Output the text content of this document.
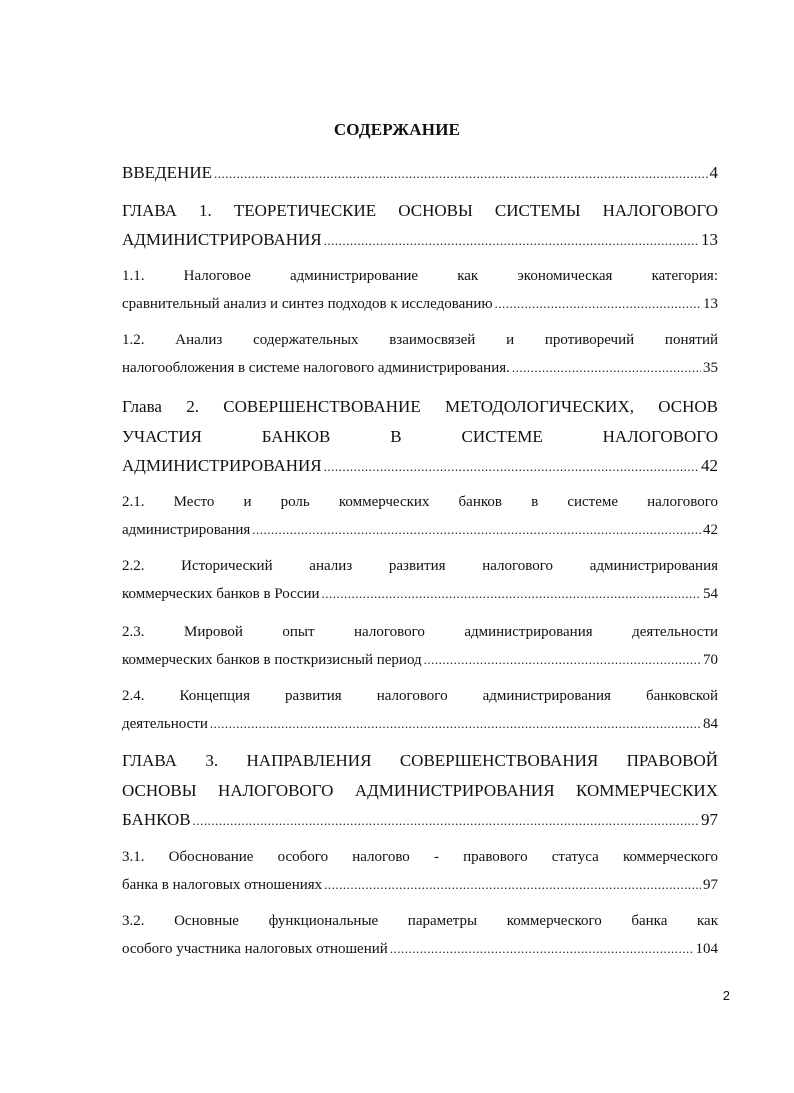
СОДЕРЖАНИЕ
ВВЕДЕНИЕ .....	4
ГЛАВА 1. ТЕОРЕТИЧЕСКИЕ ОСНОВЫ СИСТЕМЫ НАЛОГОВОГО
АДМИНИСТРИРОВАНИЯ .....	13
1.1. Налоговое администрирование как экономическая категория:
сравнительный анализ и синтез подходов к исследованию .....	13
1.2. Анализ содержательных взаимосвязей и противоречий понятий
налогообложения в системе налогового администрирования. .....	35
Глава 2. СОВЕРШЕНСТВОВАНИЕ МЕТОДОЛОГИЧЕСКИХ, ОСНОВ
УЧАСТИЯ БАНКОВ В СИСТЕМЕ НАЛОГОВОГО
АДМИНИСТРИРОВАНИЯ .....	42
2.1. Место и роль коммерческих банков в системе налогового
администрирования .....	42
2.2. Исторический анализ развития налогового администрирования
коммерческих банков в России .....	54
2.3. Мировой опыт налогового администрирования деятельности
коммерческих банков в посткризисный период .....	70
2.4. Концепция развития налогового администрирования банковской
деятельности .....	84
ГЛАВА 3. НАПРАВЛЕНИЯ СОВЕРШЕНСТВОВАНИЯ ПРАВОВОЙ
ОСНОВЫ НАЛОГОВОГО АДМИНИСТРИРОВАНИЯ КОММЕРЧЕСКИХ
БАНКОВ .....	97
3.1. Обоснование особого налогово - правового статуса коммерческого
банка в налоговых отношениях .....	97
3.2. Основные функциональные параметры коммерческого банка как
особого участника налоговых отношений .....	104
2
